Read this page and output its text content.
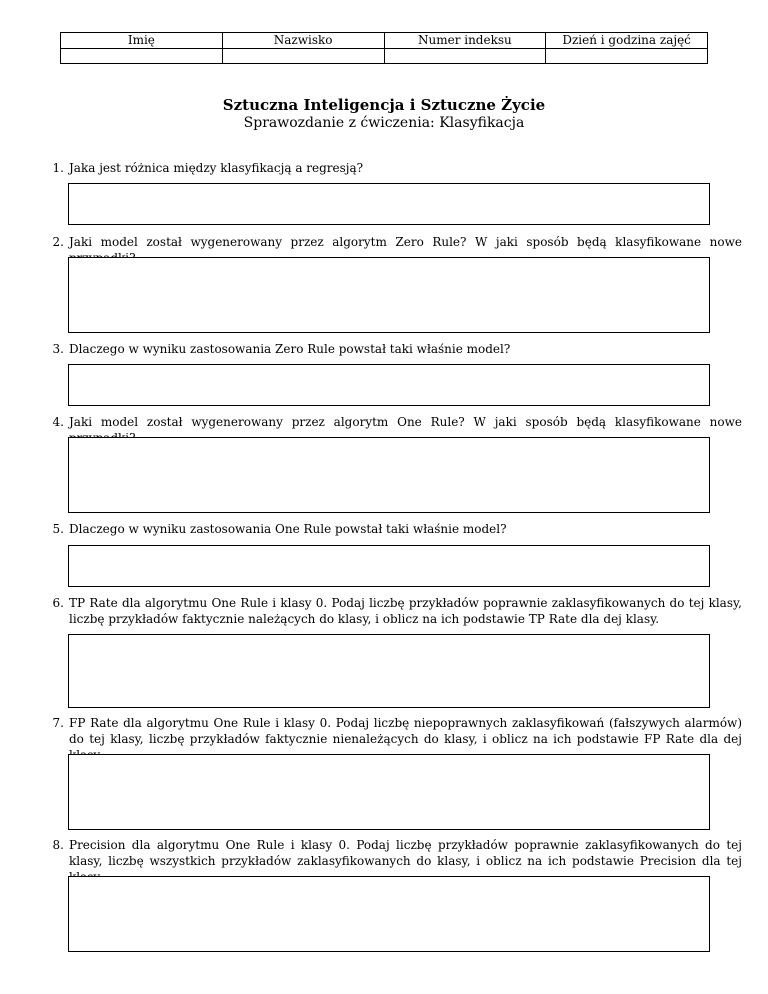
Imię	Nazwisko	Numer indeksu	Dzień i godzina zajęć

Sztuczna Inteligencja i Sztuczne Życie
Sprawozdanie z ćwiczenia: Klasyfikacja
1. Jaka jest różnica między klasyfikacją a regresją?
2. Jaki model został wygenerowany przez algorytm Zero Rule? W jaki sposób będą klasyfikowane nowe
3. Dlaczego w wyniku zastosowania Zero Rule powstał taki właśnie model?
4. Jaki model został wygenerowany przez algorytm One Rule? W jaki sposób będą klasyfikowane nowe
5. Dlaczego w wyniku zastosowania One Rule powstał taki właśnie model?
6. TP Rate dla algorytmu One Rule i klasy 0. Podaj liczbę przykładów poprawnie zaklasyfikowanych do tej klasy, liczbę przykładów faktycznie należących do klasy, i oblicz na ich podstawie TP Rate dla dej klasy.
7. FP Rate dla algorytmu One Rule i klasy 0. Podaj liczbę niepoprawnych zaklasyfikowań (fałszywych alarmów) do tej klasy, liczbę przykładów faktycznie nienależących do klasy, i oblicz na ich podstawie FP Rate dla dej
8. Precision dla algorytmu One Rule i klasy 0. Podaj liczbę przykładów poprawnie zaklasyfikowanych do tej klasy, liczbę wszystkich przykładów zaklasyfikowanych do klasy, i oblicz na ich podstawie Precision dla tej
